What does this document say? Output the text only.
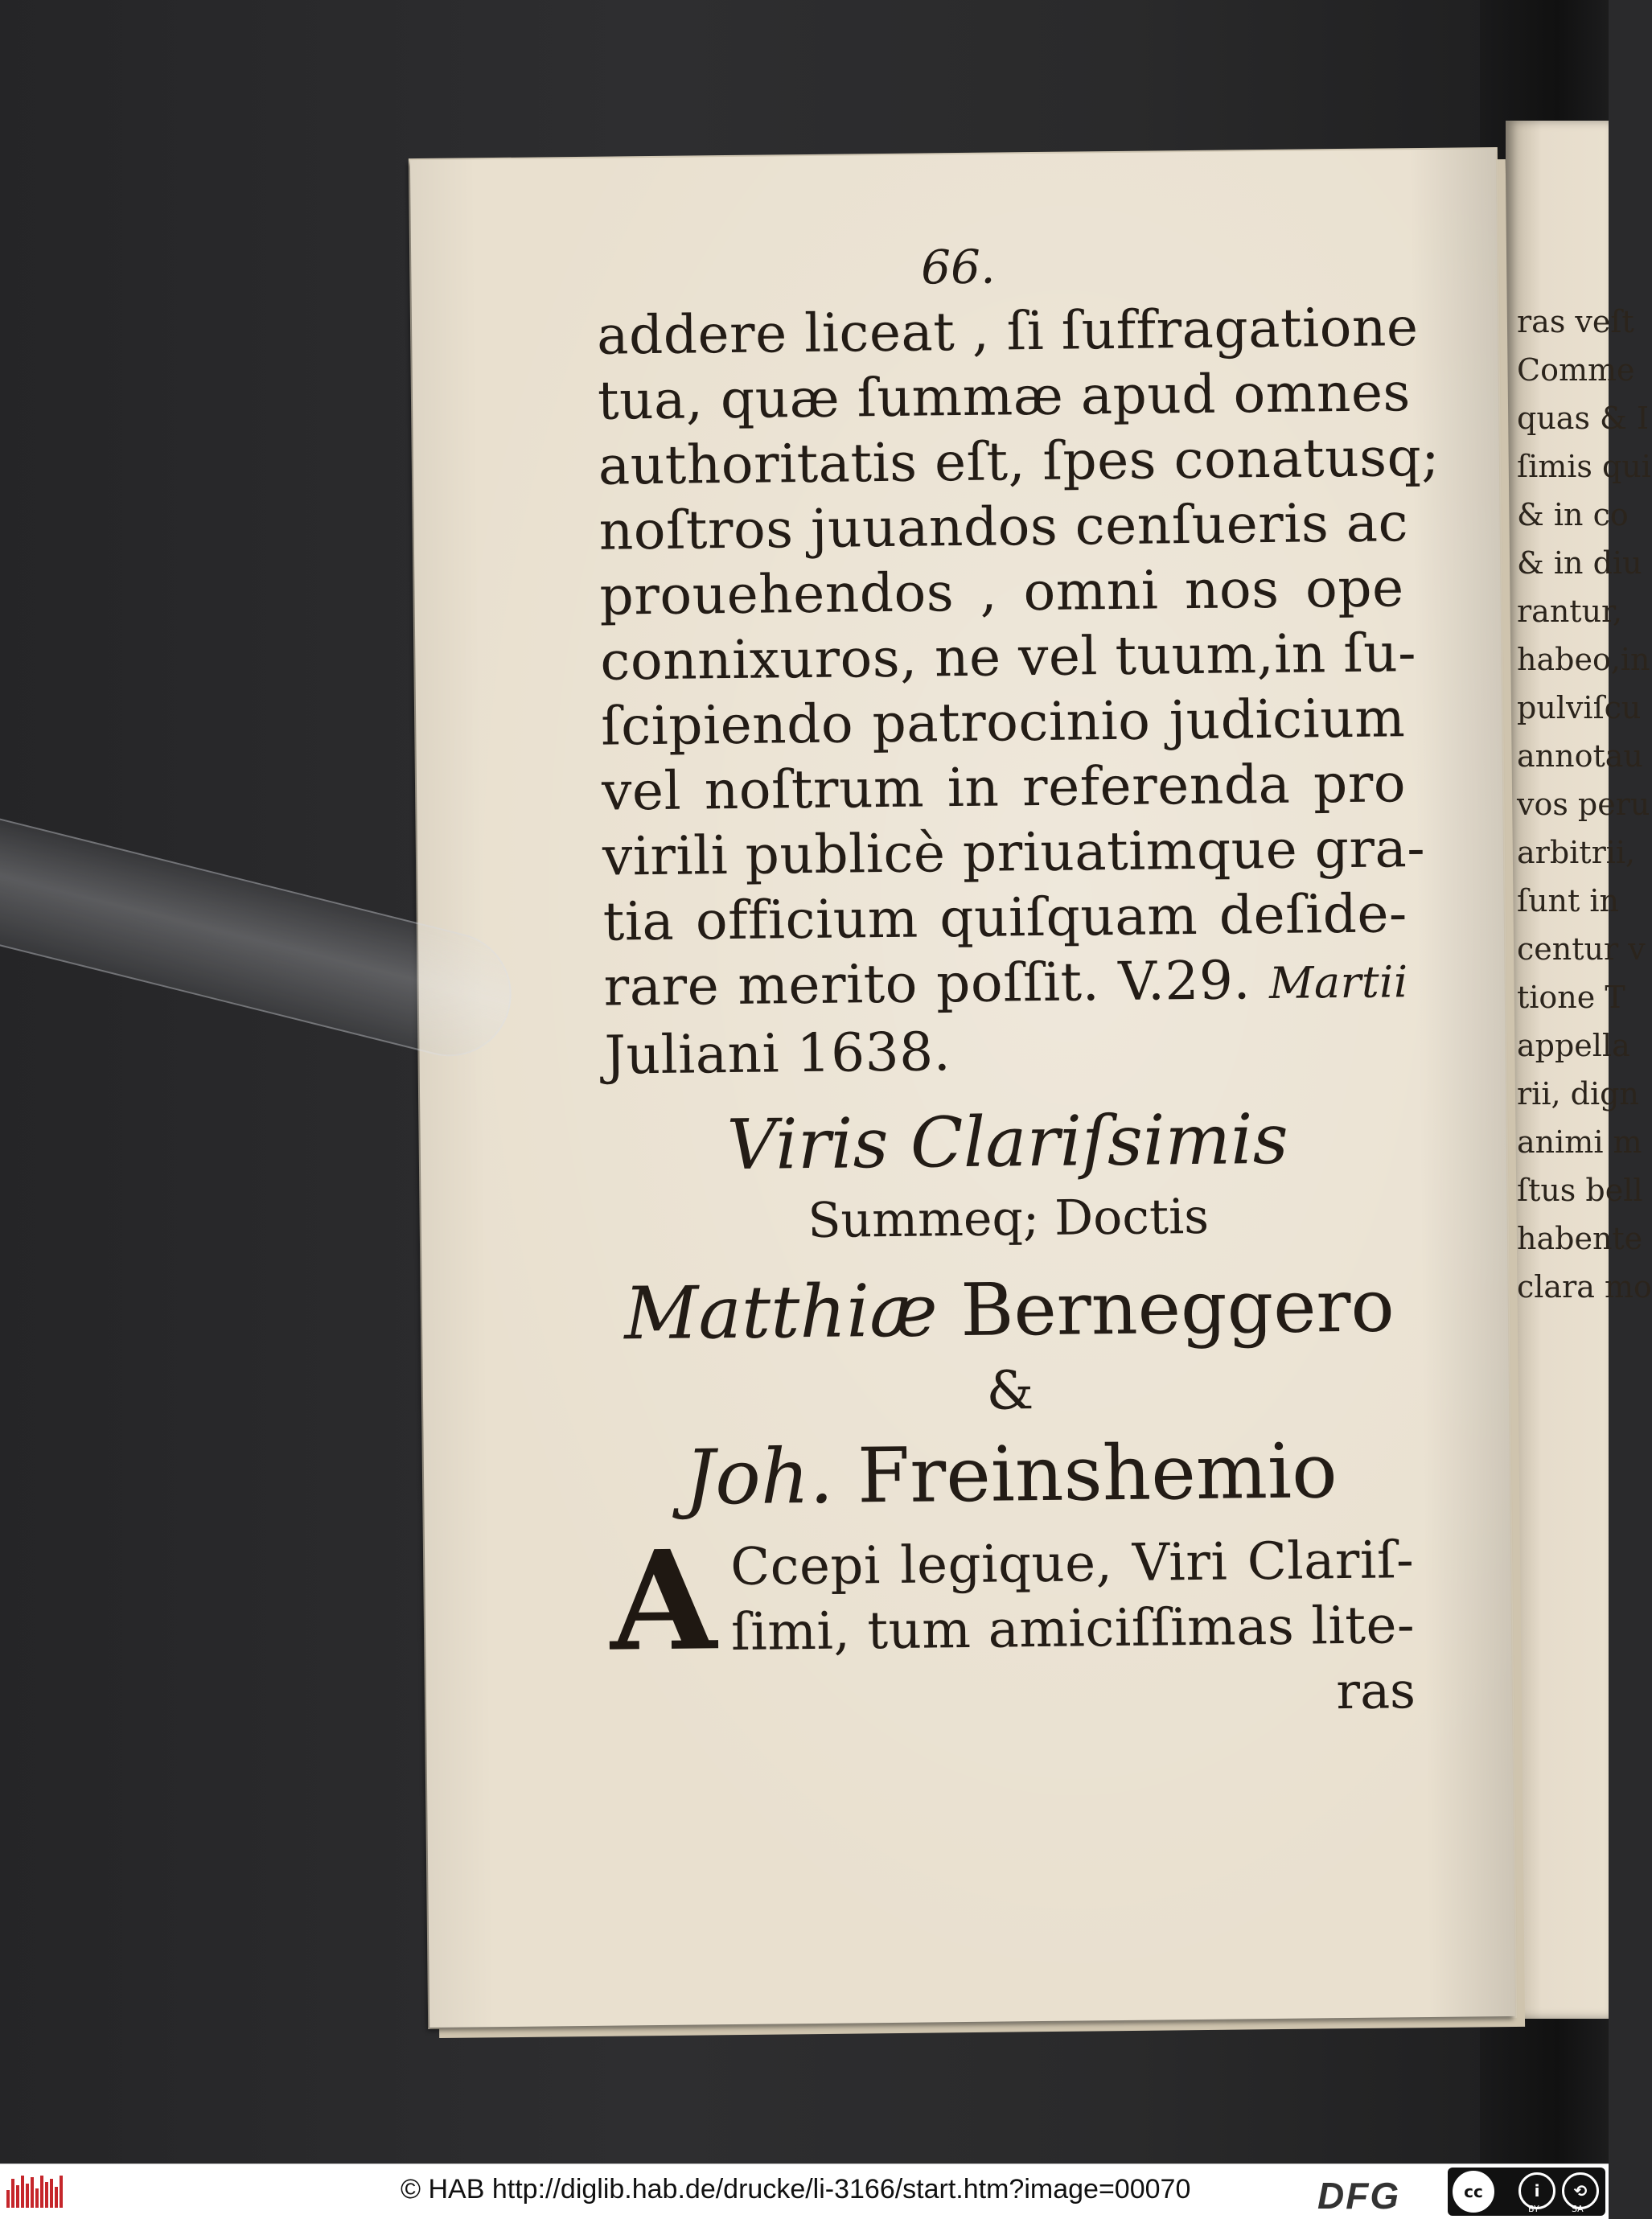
ras veſt
Comme
quas & I
ſimis qui
& in co
& in diu
rantur,
habeo,in
pulviſcu
annotau
vos peru
arbitrii,
ſunt in
centur v
tione T
appella
rii, dign
animi m
ſtus bell
habente
clara mo
66.
addere liceat , ſi ſuffragatione
tua, quæ ſummæ apud omnes
authoritatis eſt, ſpes conatusq;
noſtros juuandos cenſueris ac
prouehendos , omni nos ope
connixuros, ne vel tuum,in ſu-
ſcipiendo patrocinio judicium
vel noſtrum in referenda pro
virili publicè priuatimque gra-
tia officium quiſquam deſide-
rare merito poſſit. V.29. Martii
Juliani 1638.
Viris Clariſsimis
Summeq; Doctis
Matthiæ Berneggero
&
Joh. Freinshemio
A Ccepi legique, Viri Clariſ-
ſimi, tum amiciſſimas lite-
ras
© HAB http://diglib.hab.de/drucke/li-3166/start.htm?image=00070	DFG	cc	i	⟲
BY	SA
